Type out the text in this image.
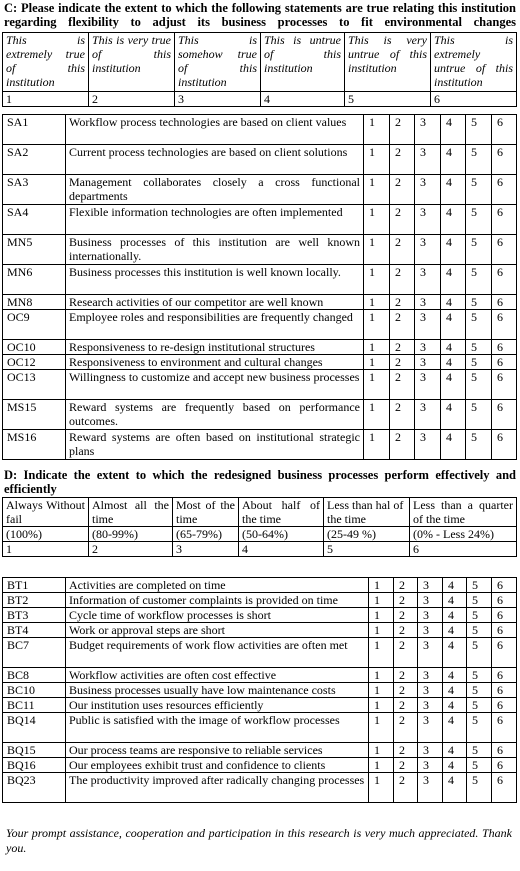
C: Please indicate the extent to which the following statements are true relating this institution regarding flexibility to adjust its business processes to fit environmental changes
This is extremely true of this institution	This is very true of this institution	This is somehow true of this institution	This is untrue of this institution	This is very untrue of this institution	This is extremely untrue of this institution
1	2	3	4	5	6
SA1	Workflow process technologies are based on client values	1	2	3	4	5	6
SA2	Current process technologies are based on client solutions	1	2	3	4	5	6
SA3	Management collaborates closely a cross functional departments	1	2	3	4	5	6
SA4	Flexible information technologies are often implemented	1	2	3	4	5	6
MN5	Business processes of this institution are well known internationally.	1	2	3	4	5	6
MN6	Business processes this institution is well known locally.	1	2	3	4	5	6
MN8	Research activities of our competitor are well known	1	2	3	4	5	6
OC9	Employee roles and responsibilities are frequently changed	1	2	3	4	5	6
OC10	Responsiveness to re-design institutional structures	1	2	3	4	5	6
OC12	Responsiveness to environment and cultural changes	1	2	3	4	5	6
OC13	Willingness to customize and accept new business processes	1	2	3	4	5	6
MS15	Reward systems are frequently based on performance outcomes.	1	2	3	4	5	6
MS16	Reward systems are often based on institutional strategic plans	1	2	3	4	5	6
D: Indicate the extent to which the redesigned business processes perform effectively and efficiently
Always Without fail	Almost all the time	Most of the time	About half of the time	Less than hal of the time	Less than a quarter of the time
(100%)	(80-99%)	(65-79%)	(50-64%)	(25-49 %)	(0% - Less 24%)
1	2	3	4	5	6
BT1	Activities are completed on time	1	2	3	4	5	6
BT2	Information of customer complaints is provided on time	1	2	3	4	5	6
BT3	Cycle time of workflow processes is short	1	2	3	4	5	6
BT4	Work or approval steps are short	1	2	3	4	5	6
BC7	Budget requirements of work flow activities are often met	1	2	3	4	5	6
BC8	Workflow activities are often cost effective	1	2	3	4	5	6
BC10	Business processes usually have low maintenance costs	1	2	3	4	5	6
BC11	Our institution uses resources efficiently	1	2	3	4	5	6
BQ14	Public is satisfied with the image of workflow processes	1	2	3	4	5	6
BQ15	Our process teams are responsive to reliable services	1	2	3	4	5	6
BQ16	Our employees exhibit trust and confidence to clients	1	2	3	4	5	6
BQ23	The productivity improved after radically changing processes	1	2	3	4	5	6
Your prompt assistance, cooperation and participation in this research is very much appreciated. Thank you.
